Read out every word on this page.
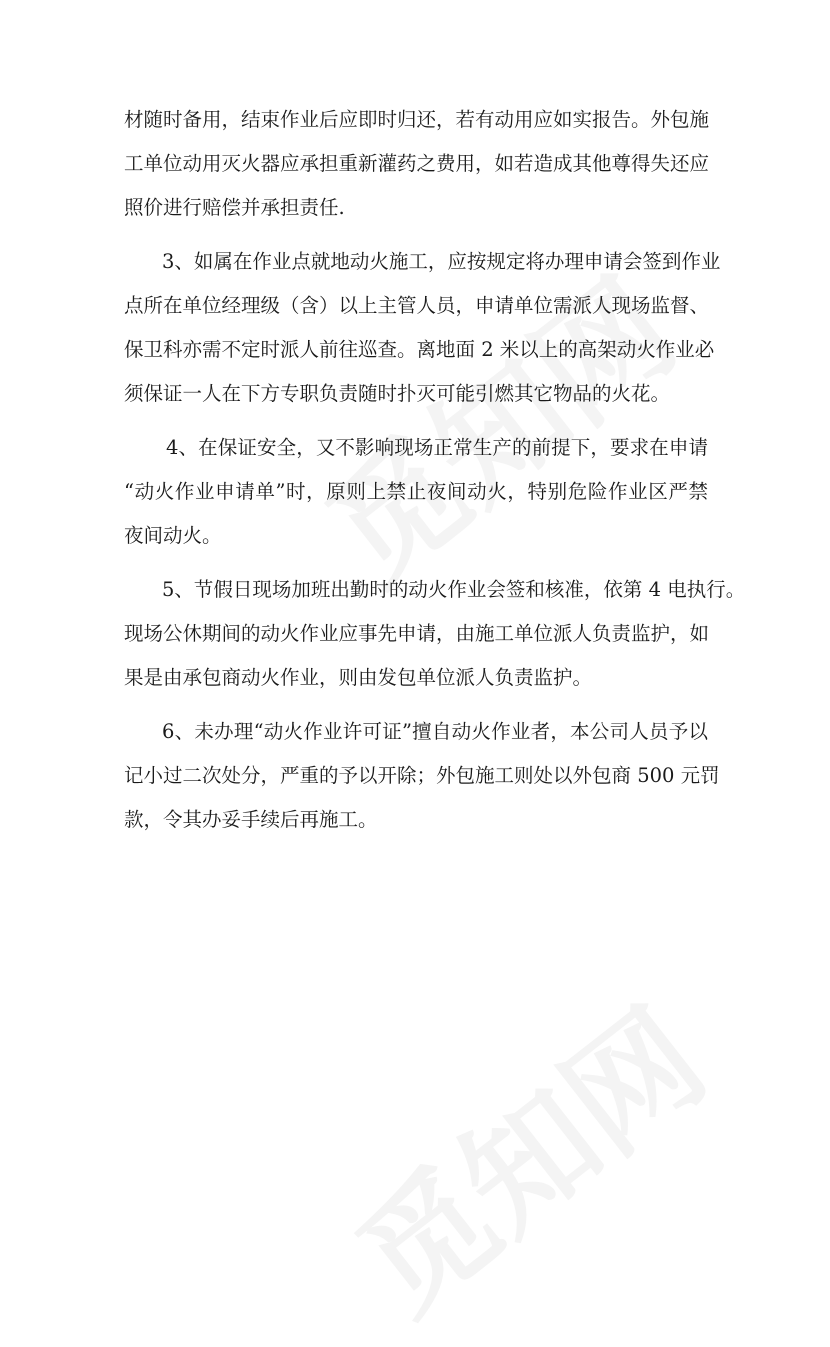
材随时备用，结束作业后应即时归还，若有动用应如实报告。外包施
工单位动用灭火器应承担重新灌药之费用，如若造成其他尊得失还应
照价进行赔偿并承担责任.
3、如属在作业点就地动火施工，应按规定将办理申请会签到作业
点所在单位经理级（含）以上主管人员，申请单位需派人现场监督、
保卫科亦需不定时派人前往巡查。离地面 2 米以上的高架动火作业必
须保证一人在下方专职负责随时扑灭可能引燃其它物品的火花。
4、在保证安全，又不影响现场正常生产的前提下，要求在申请
“动火作业申请单”时，原则上禁止夜间动火，特别危险作业区严禁
夜间动火。
5、节假日现场加班出勤时的动火作业会签和核准，依第 4 电执行。
现场公休期间的动火作业应事先申请，由施工单位派人负责监护，如
果是由承包商动火作业，则由发包单位派人负责监护。
6、未办理“动火作业许可证”擅自动火作业者，本公司人员予以
记小过二次处分，严重的予以开除；外包施工则处以外包商 500 元罚
款，令其办妥手续后再施工。
